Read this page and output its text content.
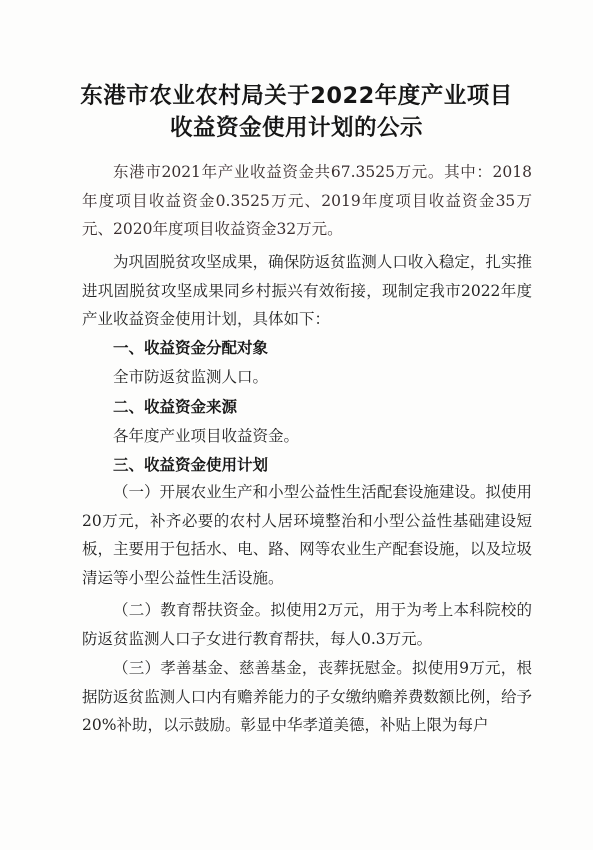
东港市农业农村局关于2022年度产业项目
收益资金使用计划的公示

东港市2021年产业收益资金共67.3525万元。其中：2018年度项目收益资金0.3525万元、2019年度项目收益资金35万元、2020年度项目收益资金32万元。

为巩固脱贫攻坚成果，确保防返贫监测人口收入稳定，扎实推进巩固脱贫攻坚成果同乡村振兴有效衔接，现制定我市2022年度产业收益资金使用计划，具体如下：

一、收益资金分配对象

全市防返贫监测人口。

二、收益资金来源

各年度产业项目收益资金。

三、收益资金使用计划

（一）开展农业生产和小型公益性生活配套设施建设。拟使用20万元，补齐必要的农村人居环境整治和小型公益性基础建设短板，主要用于包括水、电、路、网等农业生产配套设施，以及垃圾清运等小型公益性生活设施。

（二）教育帮扶资金。拟使用2万元，用于为考上本科院校的防返贫监测人口子女进行教育帮扶，每人0.3万元。

（三）孝善基金、慈善基金，丧葬抚慰金。拟使用9万元，根据防返贫监测人口内有赡养能力的子女缴纳赡养费数额比例，给予20%补助，以示鼓励。彰显中华孝道美德，补贴上限为每户
